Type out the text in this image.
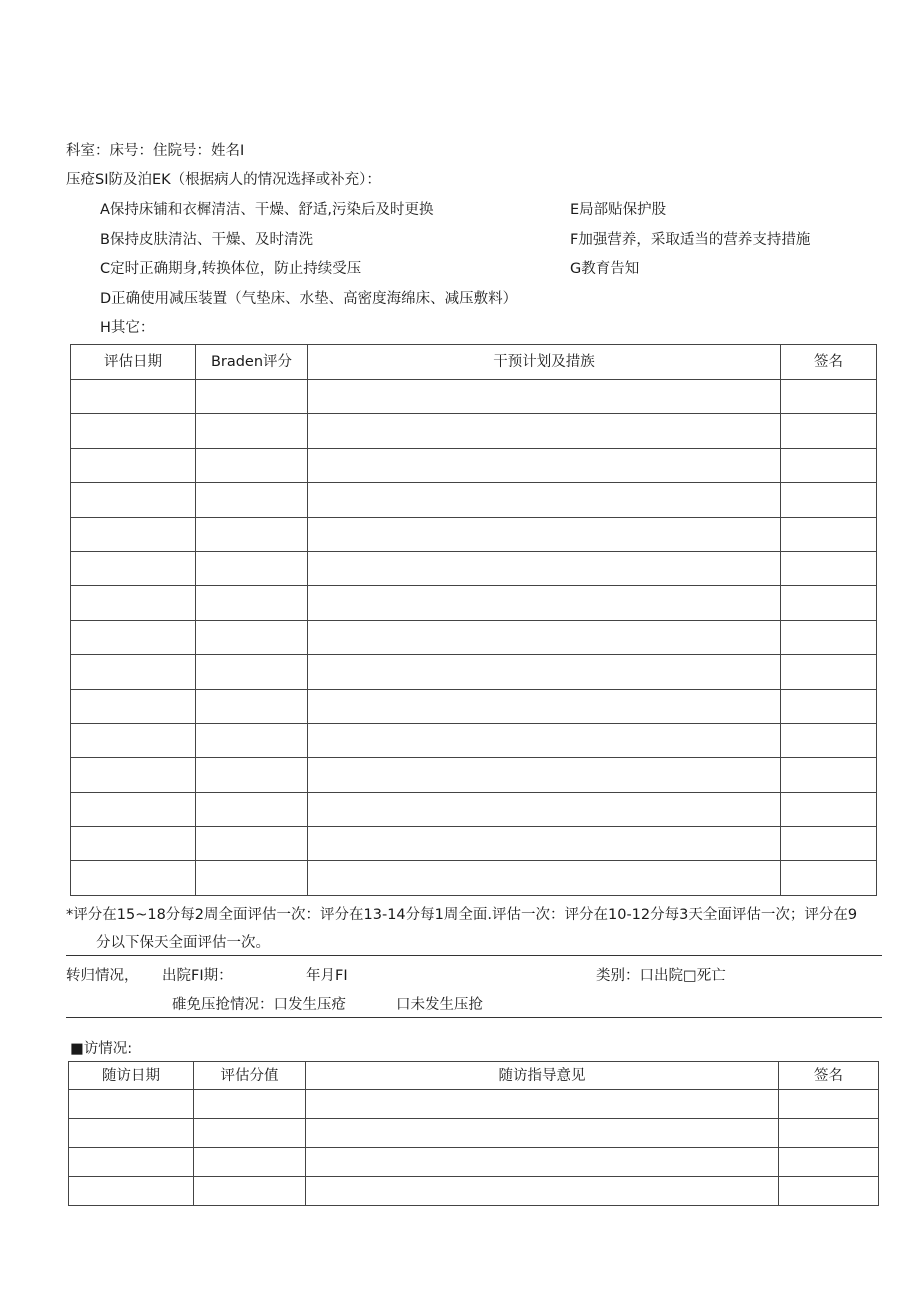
科室：床号：住院号：姓名I
压疮SI防及泊EK（根据病人的情况选择或补充）：
A保持床铺和衣樨清洁、干燥、舒适,污染后及时更换
B保持皮肤清沾、干燥、及时清洗
C定时正确期身,转换体位，防止持续受压
D正确使用减压装置（气垫床、水垫、高密度海绵床、减压敷料）
H其它：
E局部贴保护股
F加强营养，采取适当的营养支持措施
G教育告知
评估日期	Braden评分	干预计划及措族	签名

*评分在15~18分每2周全面评估一次：评分在13-14分每1周全面.评估一次：评分在10-12分每3天全面评估一次；评分在9
分以下保天全面评估一次。
转归情况， 出院FI期：	年月FI	类别：口出院□死亡
碓免压抢情况：口发生压疮	口未发生压抢
■访情况:
随访日期	评估分值	随访指导意见	签名
